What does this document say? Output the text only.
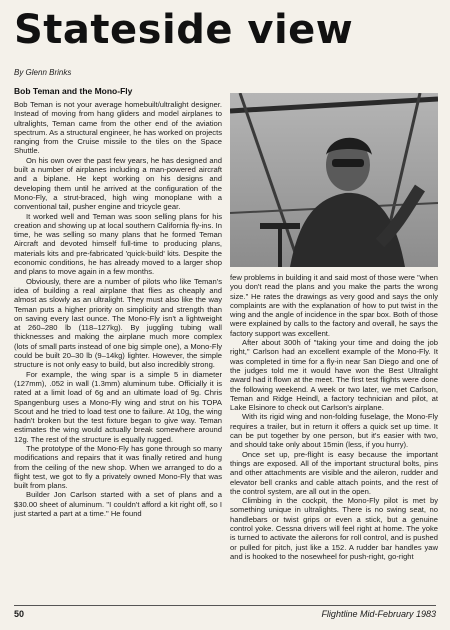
Stateside view
By Glenn Brinks
Bob Teman and the Mono-Fly

Bob Teman is not your average homebuilt/ultralight designer. Instead of moving from hang gliders and model airplanes to ultralights, Teman came from the other end of the aviation spectrum. As a structural engineer, he has worked on projects ranging from the Cruise missile to the tiles on the Space Shuttle.

On his own over the past few years, he has designed and built a number of airplanes including a man-powered aircraft and a biplane. He kept working on his designs and developing them until he arrived at the configuration of the Mono-Fly, a strut-braced, high wing monoplane with a conventional tail, pusher engine and tricycle gear.

It worked well and Teman was soon selling plans for his creation and showing up at local southern California fly-ins. In time, he was selling so many plans that he formed Teman Aircraft and devoted himself full-time to producing plans, materials kits and pre-fabricated 'quick-build' kits. Despite the economic conditions, he has already moved to a larger shop and plans to move again in a few months.

Obviously, there are a number of pilots who like Teman's idea of building a real airplane that flies as cheaply and almost as slowly as an ultralight. They must also like the way Teman puts a higher priority on simplicity and strength than on saving every last ounce. The Mono-Fly isn't a lightweight at 260–280 lb (118–127kg). By juggling tubing wall thicknesses and making the airplane much more complex (lots of small parts instead of one big simple one), a Mono-Fly could be built 20–30 lb (9–14kg) lighter. However, the simple structure is not only easy to build, but also incredibly strong.

For example, the wing spar is a simple 5 in diameter (127mm), .052 in wall (1.3mm) aluminum tube. Officially it is rated at a limit load of 6g and an ultimate load of 9g. Chris Spangenburg uses a Mono-Fly wing and strut on his TOPA Scout and he tried to load test one to failure. At 10g, the wing hadn't broken but the test fixture began to give way. Teman estimates the wing would actually break somewhere around 12g. The rest of the structure is equally rugged.

The prototype of the Mono-Fly has gone through so many modifications and repairs that it was finally retired and hung from the ceiling of the new shop. When we arranged to do a flight test, we got to fly a privately owned Mono-Fly that was built from plans.

Builder Jon Carlson started with a set of plans and a $30.00 sheet of aluminum. "I couldn't afford a kit right off, so I just started a part at a time." He found

few problems in building it and said most of those were "when you don't read the plans and you make the parts the wrong size." He rates the drawings as very good and says the only complaints are with the explanation of how to put twist in the wing and the angle of incidence in the spar box. Both of those were explained by calls to the factory and overall, he says the factory support was excellent.

After about 300h of "taking your time and doing the job right," Carlson had an excellent example of the Mono-Fly. It was completed in time for a fly-in near San Diego and one of the judges told me it would have won the Best Ultralight award had it flown at the meet. The first test flights were done the following weekend. A week or two later, we met Carlson, Teman and Ridge Heindl, a factory technician and pilot, at Lake Elsinore to check out Carlson's airplane.

With its rigid wing and non-folding fuselage, the Mono-Fly requires a trailer, but in return it offers a quick set up time. It can be put together by one person, but it's easier with two, and should take only about 15min (less, if you hurry).

Once set up, pre-flight is easy because the important things are exposed. All of the important structural bolts, pins and other attachments are visible and the aileron, rudder and elevator bell cranks and cable attach points, and the rest of the control system, are all out in the open.

Climbing in the cockpit, the Mono-Fly pilot is met by something unique in ultralights. There is no swing seat, no handlebars or twist grips or even a stick, but a genuine control yoke. Cessna drivers will feel right at home. The yoke is turned to activate the ailerons for roll control, and is pushed or pulled for pitch, just like a 152. A rudder bar handles yaw and is hooked to the nosewheel for push-right, go-right

50	Flightline Mid-February 1983
